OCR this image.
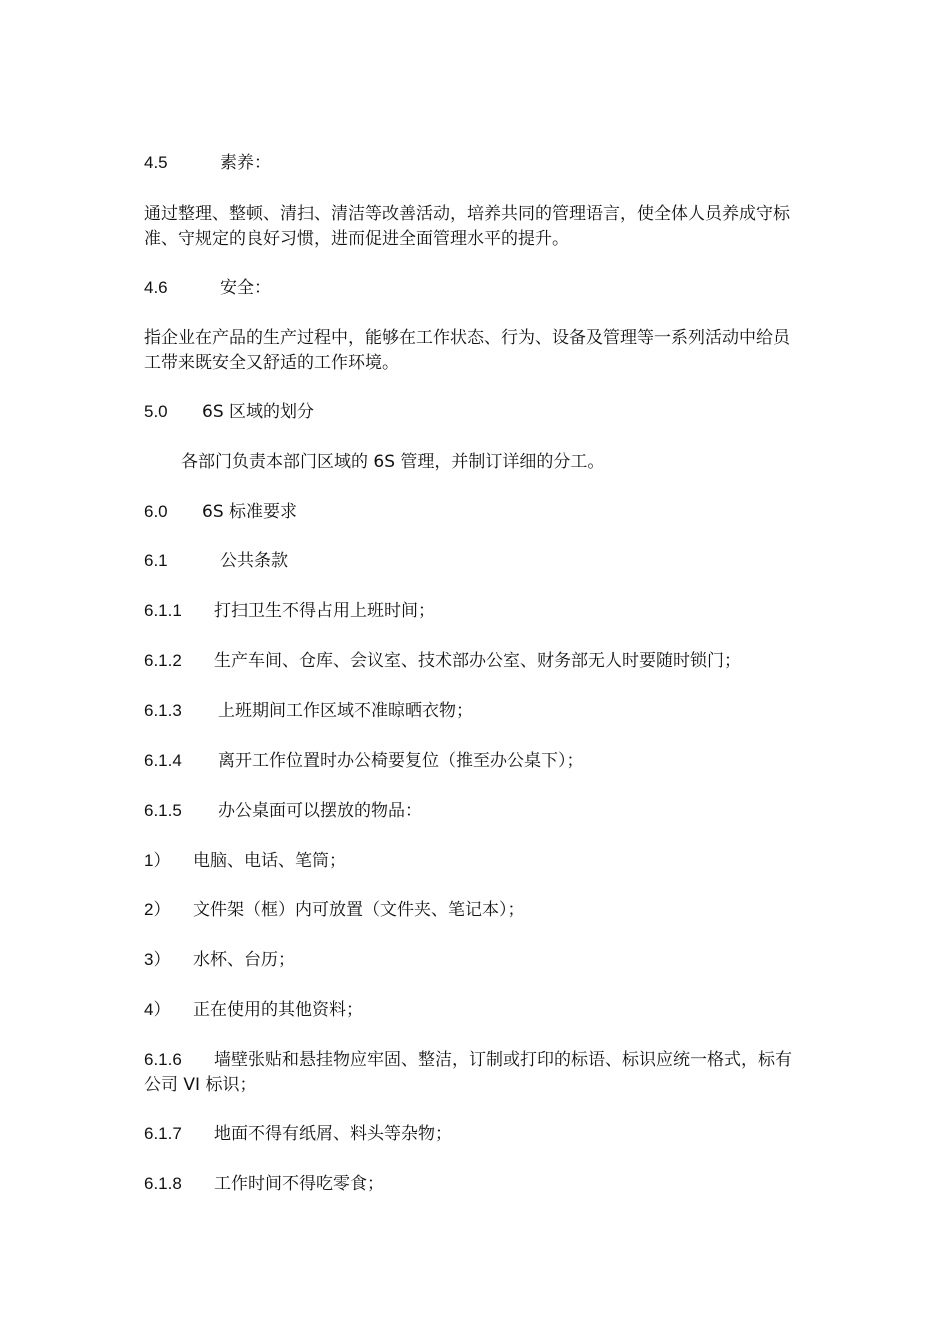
4.5	素养：
通过整理、整顿、清扫、清洁等改善活动，培养共同的管理语言，使全体人员养成守标准、守规定的良好习惯，进而促进全面管理水平的提升。
4.6	安全：
指企业在产品的生产过程中，能够在工作状态、行为、设备及管理等一系列活动中给员工带来既安全又舒适的工作环境。
5.0 6S 区域的划分
各部门负责本部门区域的 6S 管理，并制订详细的分工。
6.0 6S 标准要求
6.1	公共条款
6.1.1 打扫卫生不得占用上班时间；
6.1.2 生产车间、仓库、会议室、技术部办公室、财务部无人时要随时锁门；
6.1.3 上班期间工作区域不准晾晒衣物；
6.1.4 离开工作位置时办公椅要复位（推至办公桌下）；
6.1.5 办公桌面可以摆放的物品：
1） 电脑、电话、笔筒；
2） 文件架（框）内可放置（文件夹、笔记本）；
3） 水杯、台历；
4） 正在使用的其他资料；
6.1.6 墙壁张贴和悬挂物应牢固、整洁，订制或打印的标语、标识应统一格式，标有公司 VI 标识；
6.1.7 地面不得有纸屑、料头等杂物；
6.1.8 工作时间不得吃零食；
